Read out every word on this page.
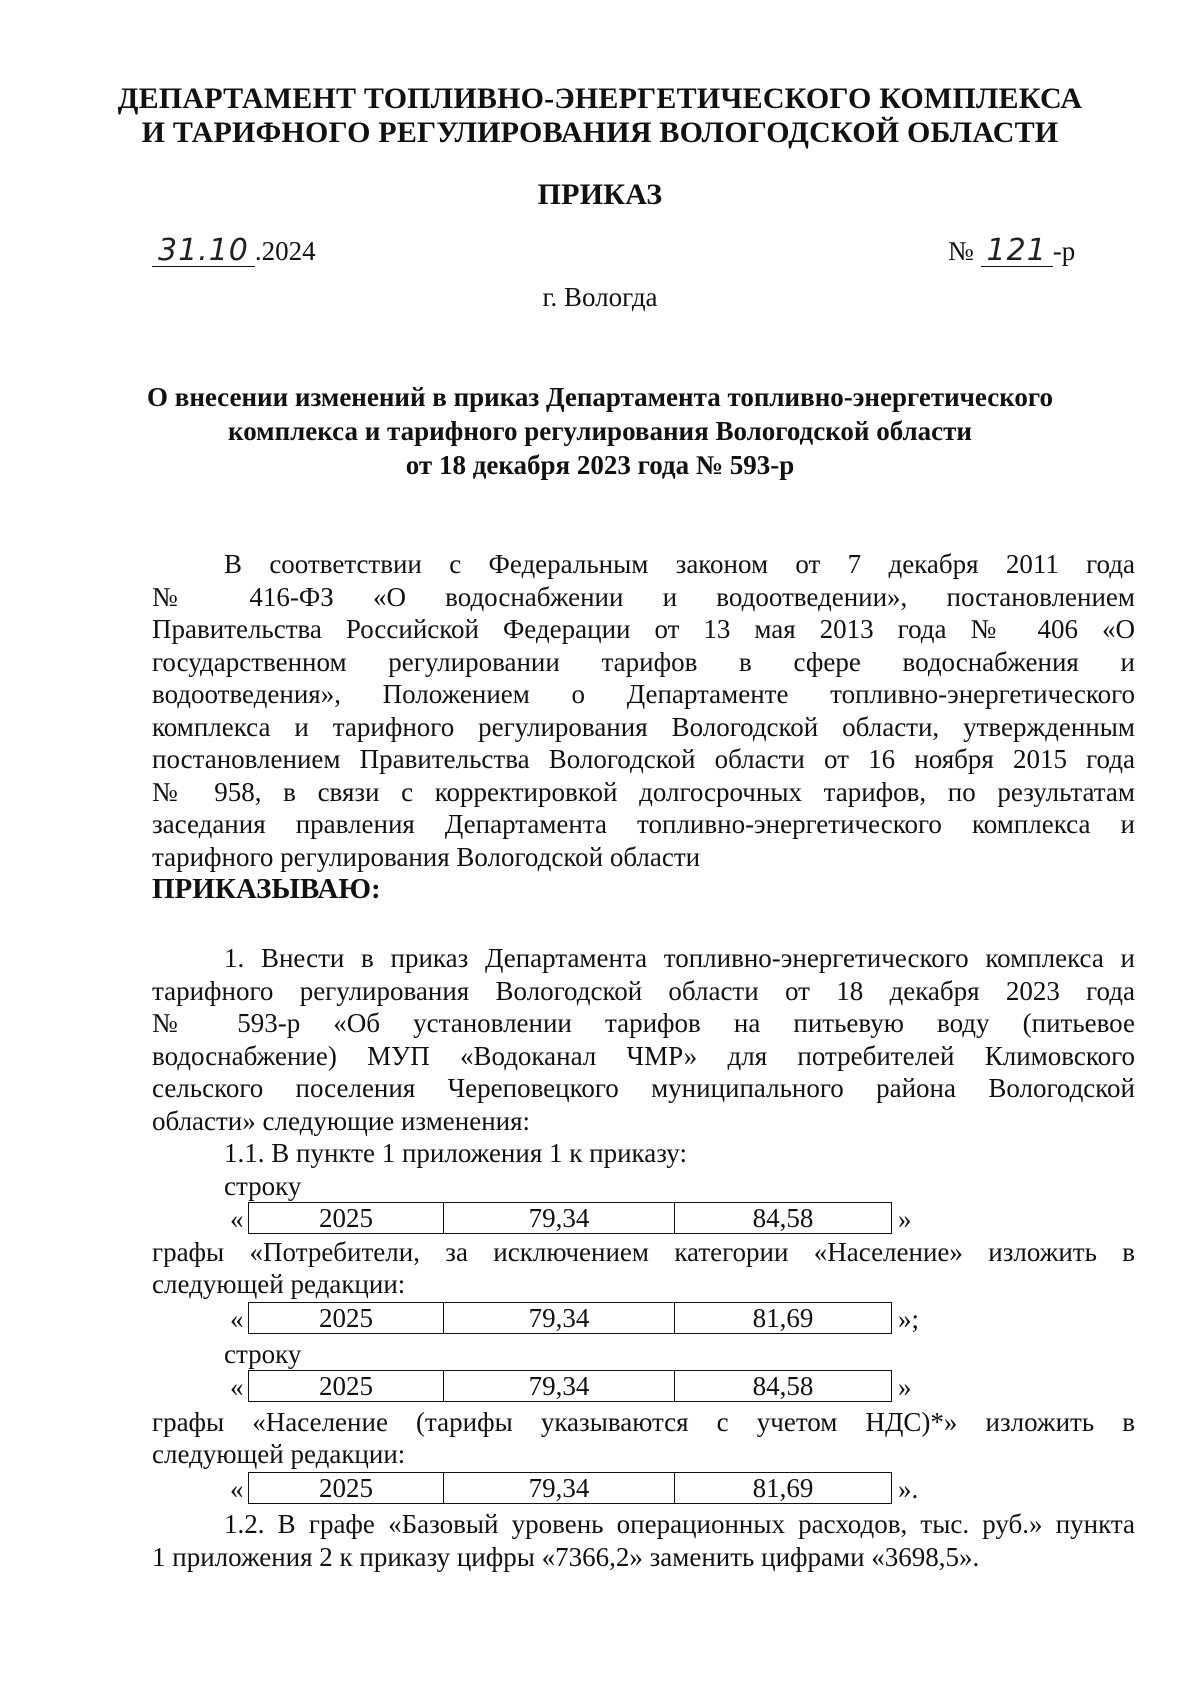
ДЕПАРТАМЕНТ ТОПЛИВНО-ЭНЕРГЕТИЧЕСКОГО КОМПЛЕКСА
И ТАРИФНОГО РЕГУЛИРОВАНИЯ ВОЛОГОДСКОЙ ОБЛАСТИ
ПРИКАЗ
31.10 .2024	№ 121 -р
г. Вологда
О внесении изменений в приказ Департамента топливно-энергетического
комплекса и тарифного регулирования Вологодской области
от 18 декабря 2023 года № 593-р
В соответствии с Федеральным законом от 7 декабря 2011 года
№ 416-ФЗ «О водоснабжении и водоотведении», постановлением
Правительства Российской Федерации от 13 мая 2013 года № 406 «О
государственном регулировании тарифов в сфере водоснабжения и
водоотведения», Положением о Департаменте топливно-энергетического
комплекса и тарифного регулирования Вологодской области, утвержденным
постановлением Правительства Вологодской области от 16 ноября 2015 года
№ 958, в связи с корректировкой долгосрочных тарифов, по результатам
заседания правления Департамента топливно-энергетического комплекса и
тарифного регулирования Вологодской области
ПРИКАЗЫВАЮ:
1. Внести в приказ Департамента топливно-энергетического комплекса и
тарифного регулирования Вологодской области от 18 декабря 2023 года
№ 593-р «Об установлении тарифов на питьевую воду (питьевое
водоснабжение) МУП «Водоканал ЧМР» для потребителей Климовского
сельского поселения Череповецкого муниципального района Вологодской
области» следующие изменения:
1.1. В пункте 1 приложения 1 к приказу:
строку
«	2025	79,34	84,58	»
графы «Потребители, за исключением категории «Население» изложить в
следующей редакции:
«	2025	79,34	81,69	»;
строку
«	2025	79,34	84,58	»
графы «Население (тарифы указываются с учетом НДС)*» изложить в
следующей редакции:
«	2025	79,34	81,69	».
1.2. В графе «Базовый уровень операционных расходов, тыс. руб.» пункта
1 приложения 2 к приказу цифры «7366,2» заменить цифрами «3698,5».
